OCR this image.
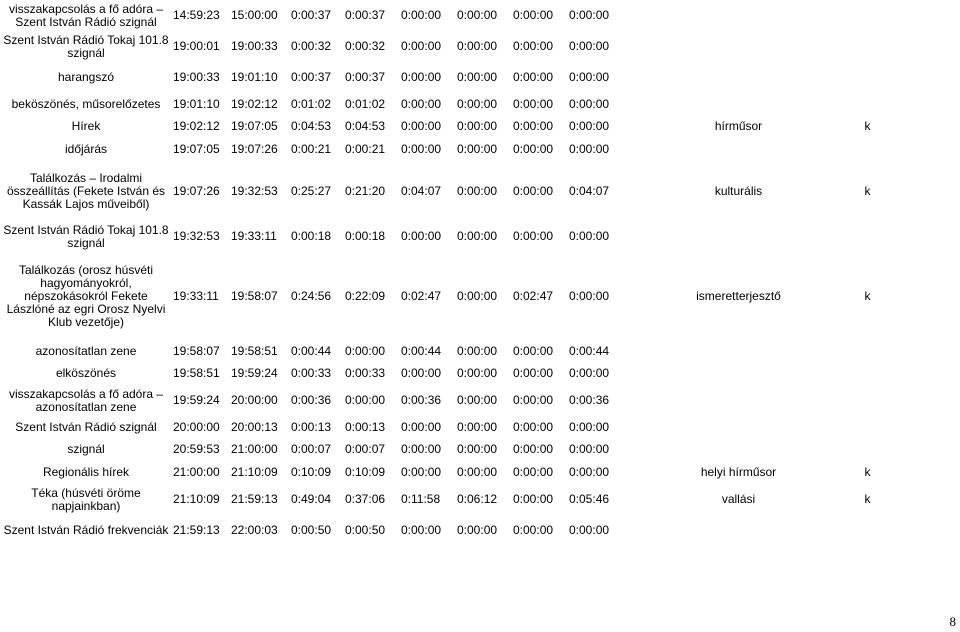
visszakapcsolás a fő adóra – Szent István Rádió szignál	14:59:23	15:00:00	0:00:37	0:00:37	0:00:00	0:00:00	0:00:00	0:00:00		
Szent István Rádió Tokaj 101.8 szignál	19:00:01	19:00:33	0:00:32	0:00:32	0:00:00	0:00:00	0:00:00	0:00:00		
harangszó	19:00:33	19:01:10	0:00:37	0:00:37	0:00:00	0:00:00	0:00:00	0:00:00		
beköszönés, műsorelőzetes	19:01:10	19:02:12	0:01:02	0:01:02	0:00:00	0:00:00	0:00:00	0:00:00		
Hírek	19:02:12	19:07:05	0:04:53	0:04:53	0:00:00	0:00:00	0:00:00	0:00:00	hírműsor	k
időjárás	19:07:05	19:07:26	0:00:21	0:00:21	0:00:00	0:00:00	0:00:00	0:00:00		
Találkozás – Irodalmi összeállítás (Fekete István és Kassák Lajos műveiből)	19:07:26	19:32:53	0:25:27	0:21:20	0:04:07	0:00:00	0:00:00	0:04:07	kulturális	k
Szent István Rádió Tokaj 101.8 szignál	19:32:53	19:33:11	0:00:18	0:00:18	0:00:00	0:00:00	0:00:00	0:00:00		
Találkozás (orosz húsvéti hagyományokról, népszokásokról Fekete Lászlóné az egri Orosz Nyelvi Klub vezetője)	19:33:11	19:58:07	0:24:56	0:22:09	0:02:47	0:00:00	0:02:47	0:00:00	ismeretterjesztő	k
azonosítatlan zene	19:58:07	19:58:51	0:00:44	0:00:00	0:00:44	0:00:00	0:00:00	0:00:44		
elköszönés	19:58:51	19:59:24	0:00:33	0:00:33	0:00:00	0:00:00	0:00:00	0:00:00		
visszakapcsolás a fő adóra – azonosítatlan zene	19:59:24	20:00:00	0:00:36	0:00:00	0:00:36	0:00:00	0:00:00	0:00:36		
Szent István Rádió szignál	20:00:00	20:00:13	0:00:13	0:00:13	0:00:00	0:00:00	0:00:00	0:00:00		
szignál	20:59:53	21:00:00	0:00:07	0:00:07	0:00:00	0:00:00	0:00:00	0:00:00		
Regionális hírek	21:00:00	21:10:09	0:10:09	0:10:09	0:00:00	0:00:00	0:00:00	0:00:00	helyi hírműsor	k
Téka (húsvéti öröme napjainkban)	21:10:09	21:59:13	0:49:04	0:37:06	0:11:58	0:06:12	0:00:00	0:05:46	vallási	k
Szent István Rádió frekvenciák	21:59:13	22:00:03	0:00:50	0:00:50	0:00:00	0:00:00	0:00:00	0:00:00		
8
